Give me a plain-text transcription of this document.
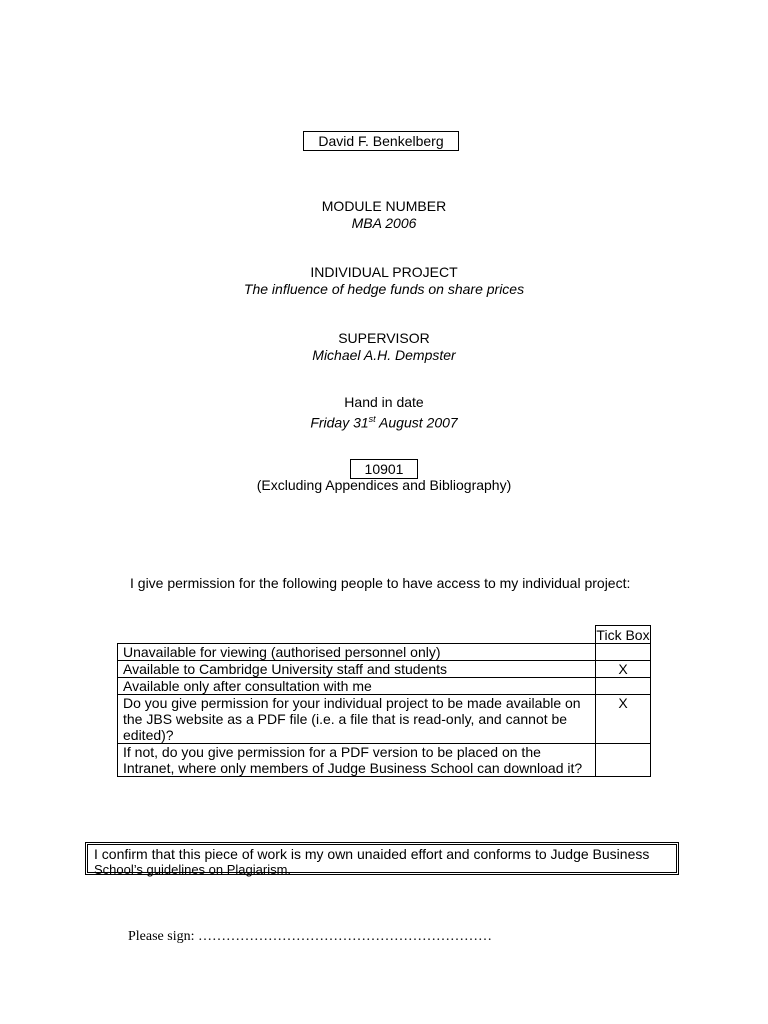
David F. Benkelberg
MODULE NUMBER
MBA 2006
INDIVIDUAL PROJECT
The influence of hedge funds on share prices
SUPERVISOR
Michael A.H. Dempster
Hand in date
Friday 31st August 2007
10901
(Excluding Appendices and Bibliography)
I give permission for the following people to have access to my individual project:
	Tick Box
Unavailable for viewing (authorised personnel only)	
Available to Cambridge University staff and students	X
Available only after consultation with me	
Do you give permission for your individual project to be made available on the JBS website as a PDF file (i.e. a file that is read-only, and cannot be edited)?	X
If not, do you give permission for a PDF version to be placed on the Intranet, where only members of Judge Business School can download it?	
I confirm that this piece of work is my own unaided effort and conforms to Judge Business
School’s guidelines on Plagiarism.
Please sign: ………………………………………………………
